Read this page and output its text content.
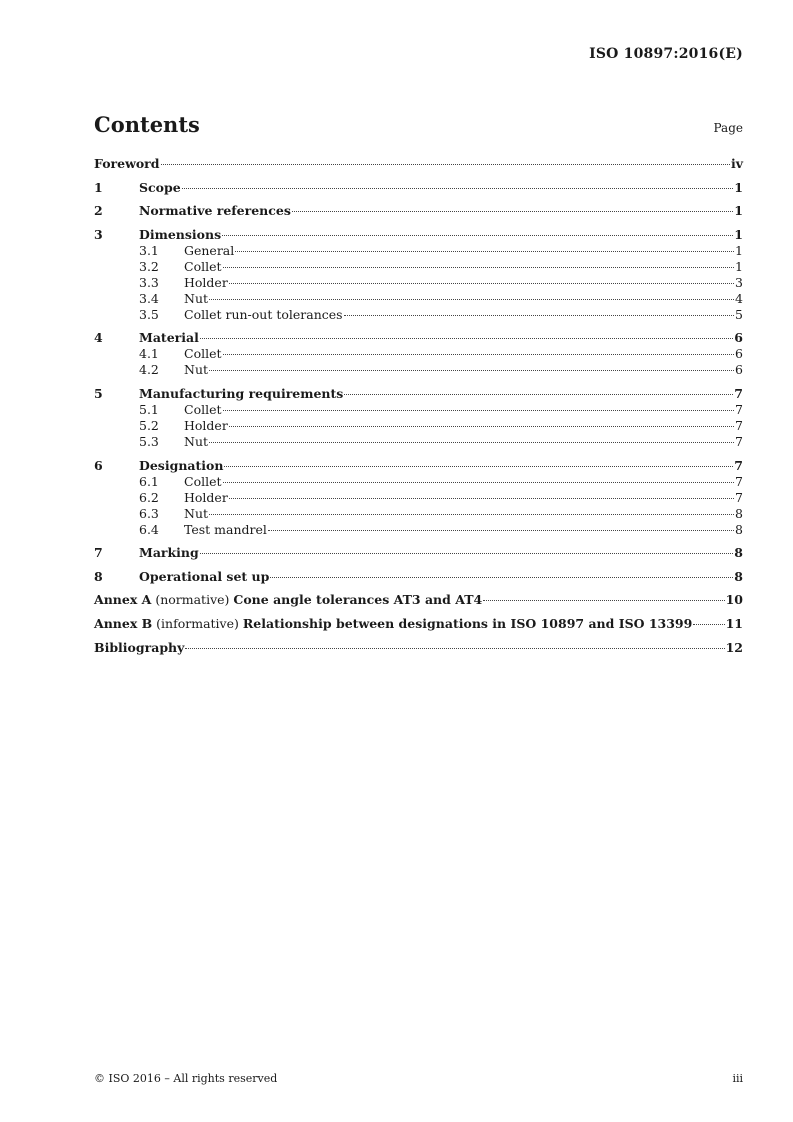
ISO 10897:2016(E)
Contents	Page
Foreword	iv
1	Scope	1
2	Normative references	1
3	Dimensions	1
3.1	General	1
3.2	Collet	1
3.3	Holder	3
3.4	Nut	4
3.5	Collet run-out tolerances	5
4	Material	6
4.1	Collet	6
4.2	Nut	6
5	Manufacturing requirements	7
5.1	Collet	7
5.2	Holder	7
5.3	Nut	7
6	Designation	7
6.1	Collet	7
6.2	Holder	7
6.3	Nut	8
6.4	Test mandrel	8
7	Marking	8
8	Operational set up	8
Annex A (normative) Cone angle tolerances AT3 and AT4	10
Annex B (informative) Relationship between designations in ISO 10897 and ISO 13399	11
Bibliography	12
© ISO 2016 – All rights reserved	iii
